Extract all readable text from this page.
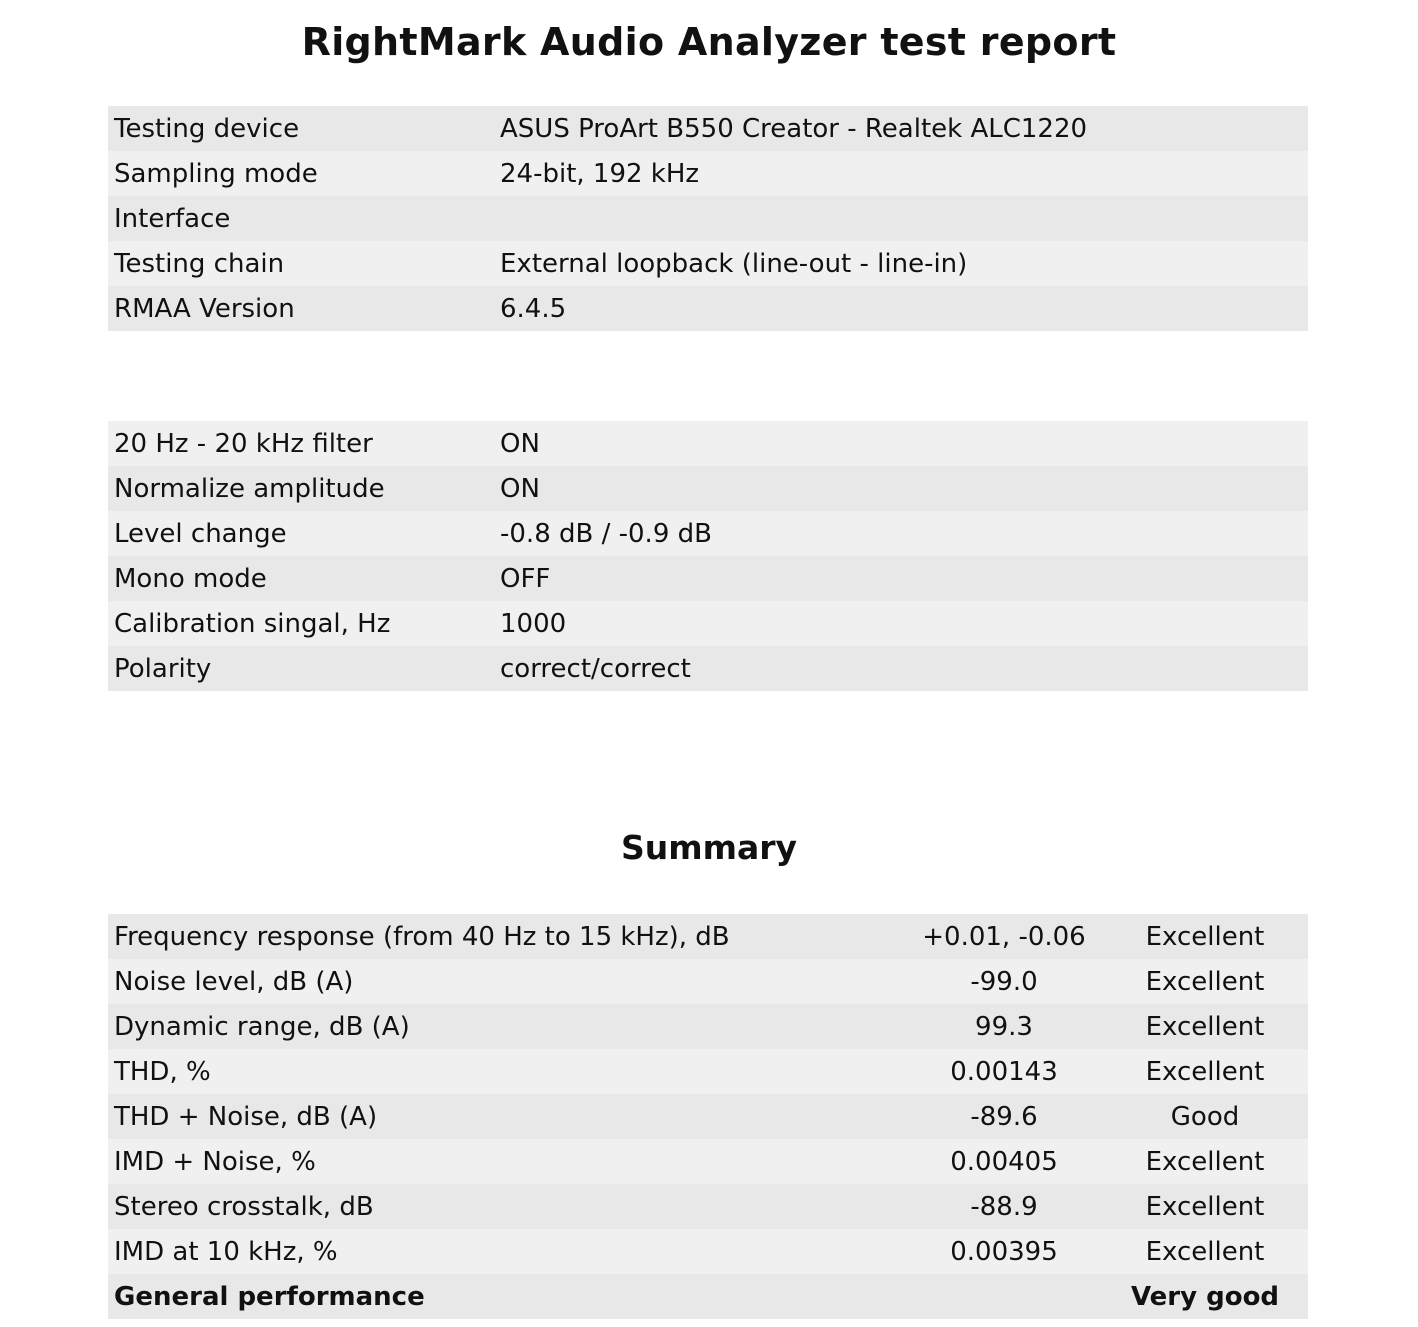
RightMark Audio Analyzer test report
Testing device	ASUS ProArt B550 Creator - Realtek ALC1220
Sampling mode	24-bit, 192 kHz
Interface	
Testing chain	External loopback (line-out - line-in)
RMAA Version	6.4.5
20 Hz - 20 kHz filter	ON
Normalize amplitude	ON
Level change	-0.8 dB / -0.9 dB
Mono mode	OFF
Calibration singal, Hz	1000
Polarity	correct/correct
Summary
Frequency response (from 40 Hz to 15 kHz), dB	+0.01, -0.06	Excellent
Noise level, dB (A)	-99.0	Excellent
Dynamic range, dB (A)	99.3	Excellent
THD, %	0.00143	Excellent
THD + Noise, dB (A)	-89.6	Good
IMD + Noise, %	0.00405	Excellent
Stereo crosstalk, dB	-88.9	Excellent
IMD at 10 kHz, %	0.00395	Excellent
General performance		Very good
